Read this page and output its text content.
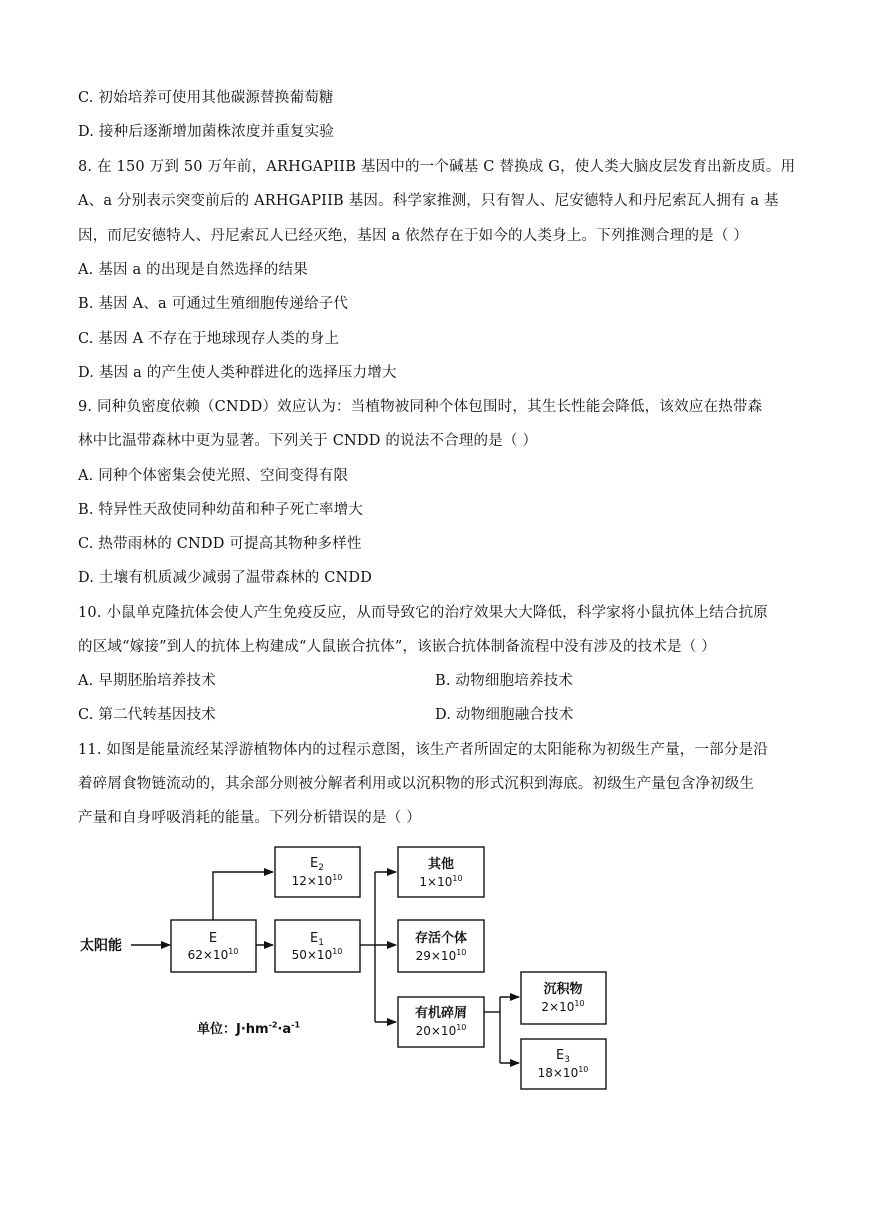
C. 初始培养可使用其他碳源替换葡萄糖
D. 接种后逐渐增加菌株浓度并重复实验
8. 在 150 万到 50 万年前，ARHGAPIIB 基因中的一个碱基 C 替换成 G，使人类大脑皮层发育出新皮质。用
A、a 分别表示突变前后的 ARHGAPIIB 基因。科学家推测，只有智人、尼安德特人和丹尼索瓦人拥有 a 基
因，而尼安德特人、丹尼索瓦人已经灭绝，基因 a 依然存在于如今的人类身上。下列推测合理的是（ ）
A. 基因 a 的出现是自然选择的结果
B. 基因 A、a 可通过生殖细胞传递给子代
C. 基因 A 不存在于地球现存人类的身上
D. 基因 a 的产生使人类种群进化的选择压力增大
9. 同种负密度依赖（CNDD）效应认为：当植物被同种个体包围时，其生长性能会降低，该效应在热带森
林中比温带森林中更为显著。下列关于 CNDD 的说法不合理的是（ ）
A. 同种个体密集会使光照、空间变得有限
B. 特异性天敌使同种幼苗和种子死亡率增大
C. 热带雨林的 CNDD 可提高其物种多样性
D. 土壤有机质减少减弱了温带森林的 CNDD
10. 小鼠单克隆抗体会使人产生免疫反应，从而导致它的治疗效果大大降低，科学家将小鼠抗体上结合抗原
的区域“嫁接”到人的抗体上构建成“人鼠嵌合抗体”，该嵌合抗体制备流程中没有涉及的技术是（ ）
A. 早期胚胎培养技术	B. 动物细胞培养技术
C. 第二代转基因技术	D. 动物细胞融合技术
11. 如图是能量流经某浮游植物体内的过程示意图，该生产者所固定的太阳能称为初级生产量，一部分是沿
着碎屑食物链流动的，其余部分则被分解者利用或以沉积物的形式沉积到海底。初级生产量包含净初级生
产量和自身呼吸消耗的能量。下列分析错误的是（ ）
太阳能	E
$62\times 10^{10}$
$E_2$
$12\times 10^{10}$
$E_1$
$50\times 10^{10}$
其他
$1\times 10^{10}$
存活个体
$29\times 10^{10}$
有机碎屑
$20\times 10^{10}$
沉积物
$2\times 10^{10}$
$E_3$
$18\times 10^{10}$
单位：$J\cdot hm^{-2}\cdot a^{-1}$
